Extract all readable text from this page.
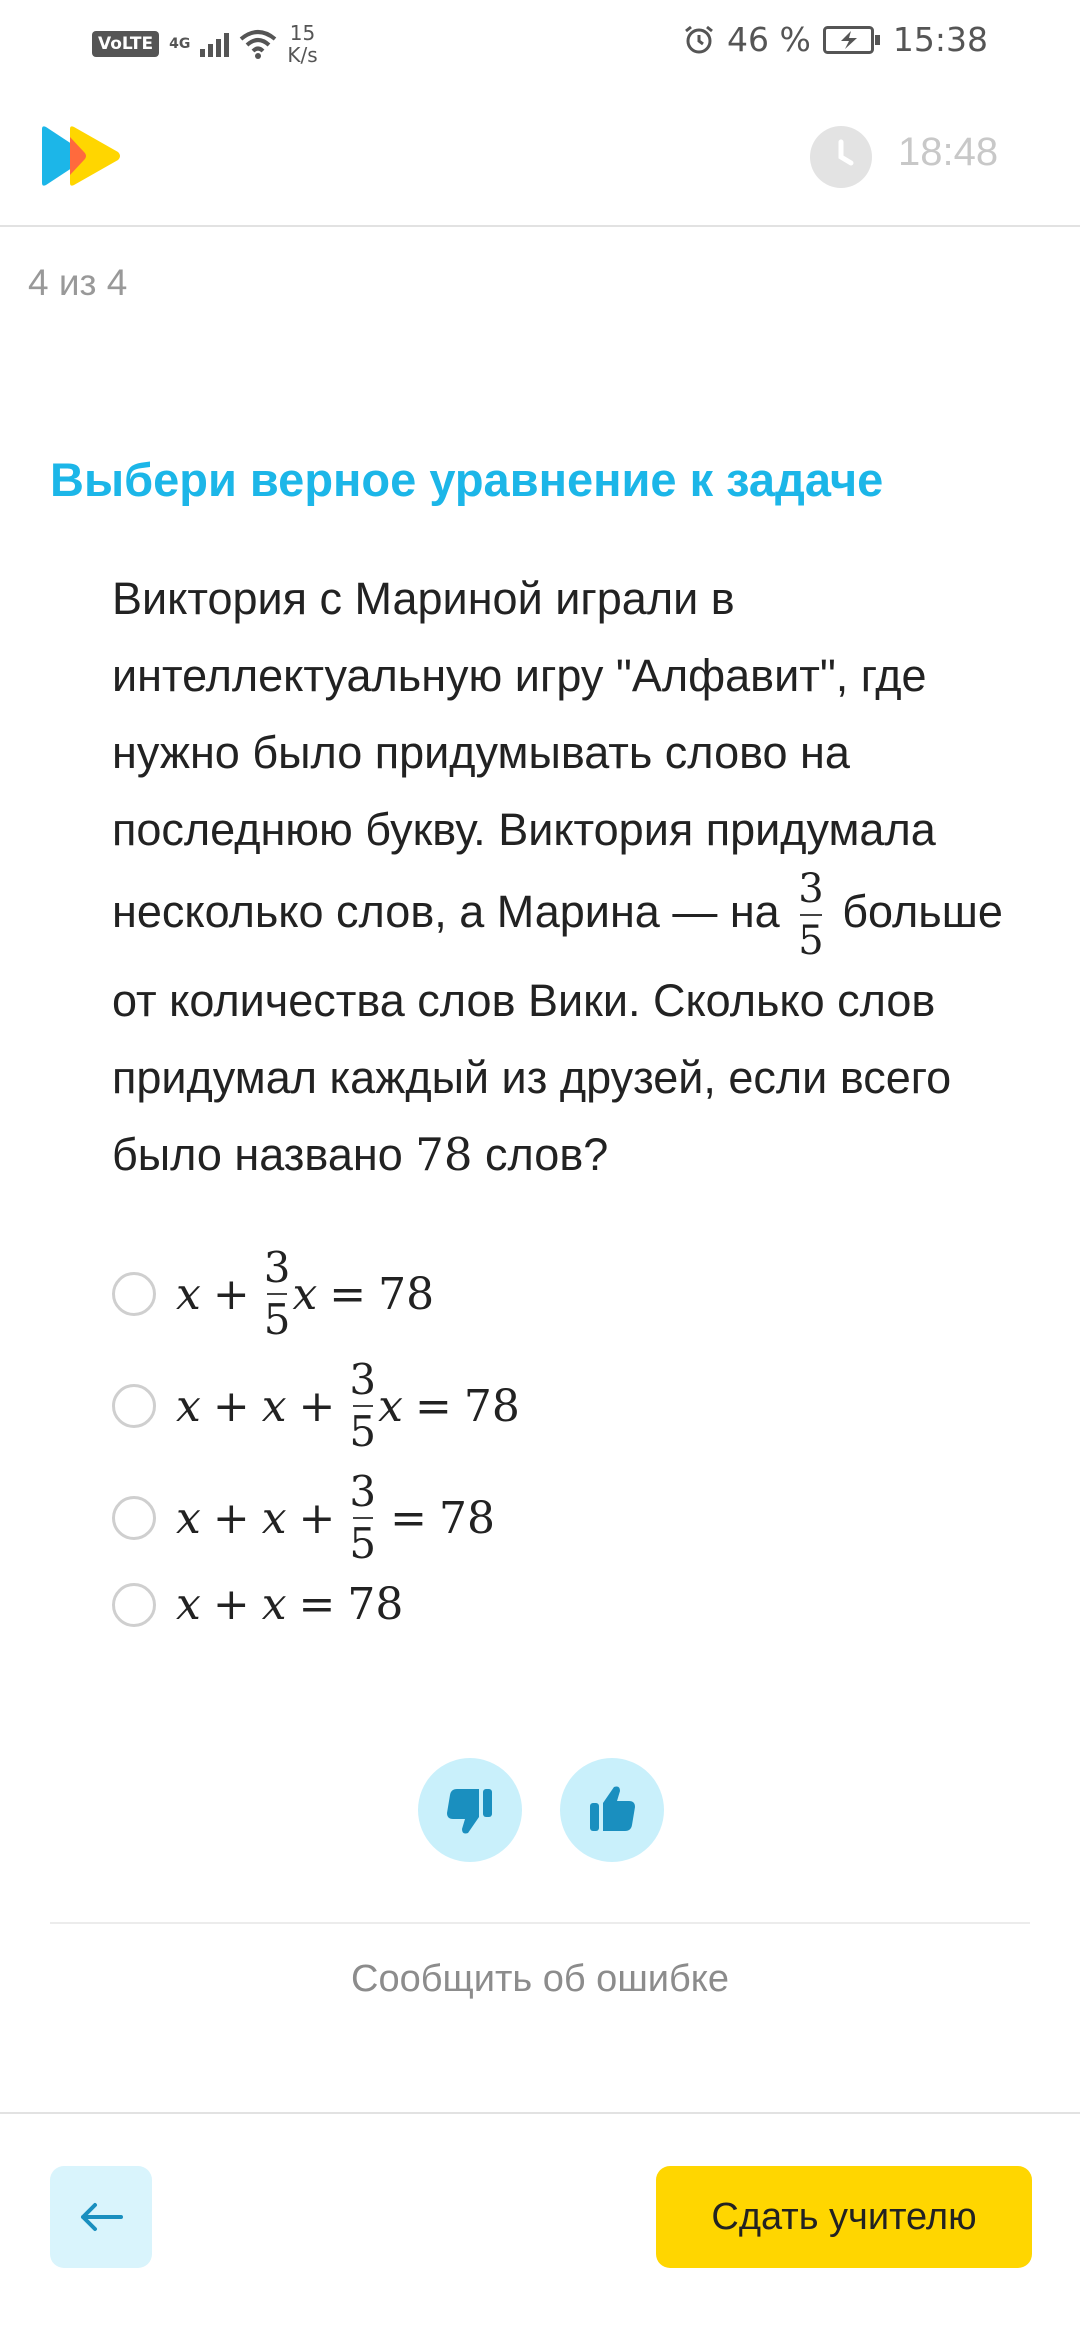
VoLTE	4G	15
K/s	46 % 15:38
18:48
4 из 4
Выбери верное уравнение к задаче
Виктория с Мариной играли в интеллектуальную игру "Алфавит", где нужно было придумывать слово на последнюю букву. Виктория придумала несколько слов, а Марина — на $\frac{3}{5}$ больше от количества слов Вики. Сколько слов придумал каждый из друзей, если всего было названо 78 слов?
x +
3
5 x = 78
x + x +
3
5 x = 78
x + x +
3
5 = 78
x + x = 78
Сообщить об ошибке
Сдать учителю
